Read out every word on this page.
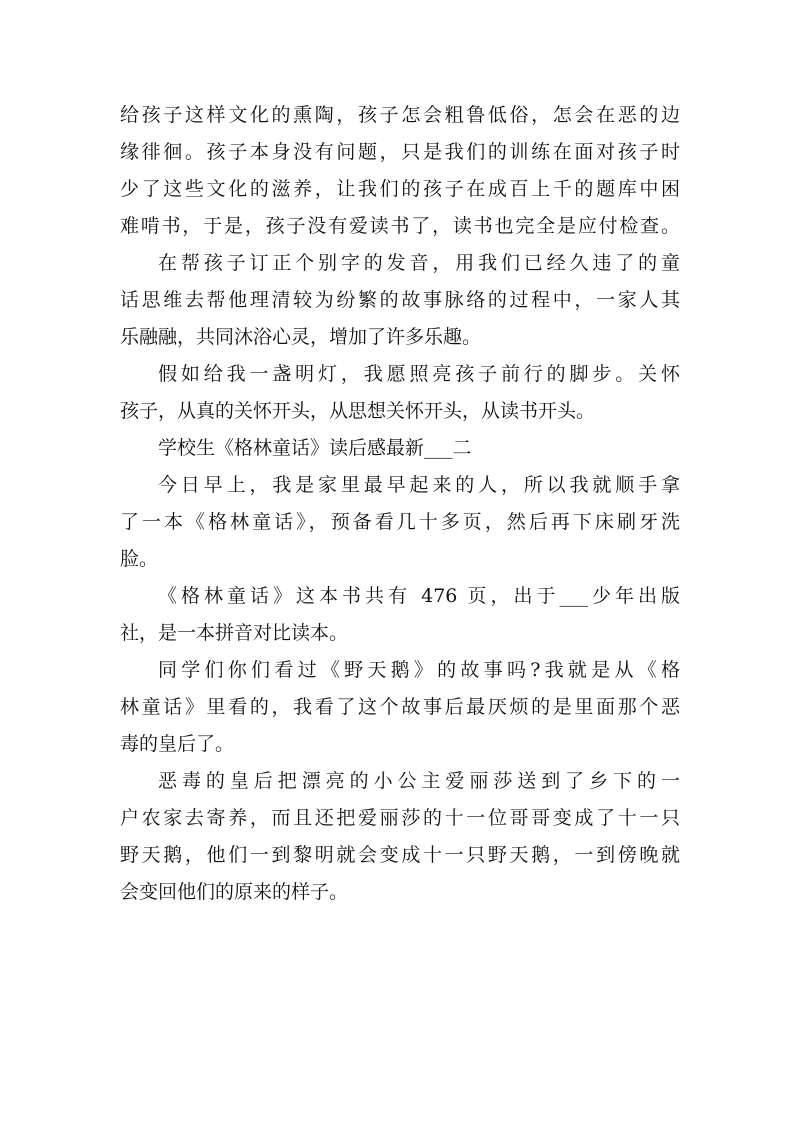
给孩子这样文化的熏陶，孩子怎会粗鲁低俗，怎会在恶的边
缘徘徊。孩子本身没有问题，只是我们的训练在面对孩子时
少了这些文化的滋养，让我们的孩子在成百上千的题库中困
难啃书，于是，孩子没有爱读书了，读书也完全是应付检查。
在帮孩子订正个别字的发音，用我们已经久违了的童
话思维去帮他理清较为纷繁的故事脉络的过程中，一家人其
乐融融，共同沐浴心灵，增加了许多乐趣。
假如给我一盏明灯，我愿照亮孩子前行的脚步。关怀
孩子，从真的关怀开头，从思想关怀开头，从读书开头。
学校生《格林童话》读后感最新___二
今日早上，我是家里最早起来的人，所以我就顺手拿
了一本《格林童话》，预备看几十多页，然后再下床刷牙洗
脸。
《格林童话》这本书共有 476 页，出于___少年出版
社，是一本拼音对比读本。
同学们你们看过《野天鹅》的故事吗?我就是从《格
林童话》里看的，我看了这个故事后最厌烦的是里面那个恶
毒的皇后了。
恶毒的皇后把漂亮的小公主爱丽莎送到了乡下的一
户农家去寄养，而且还把爱丽莎的十一位哥哥变成了十一只
野天鹅，他们一到黎明就会变成十一只野天鹅，一到傍晚就
会变回他们的原来的样子。
